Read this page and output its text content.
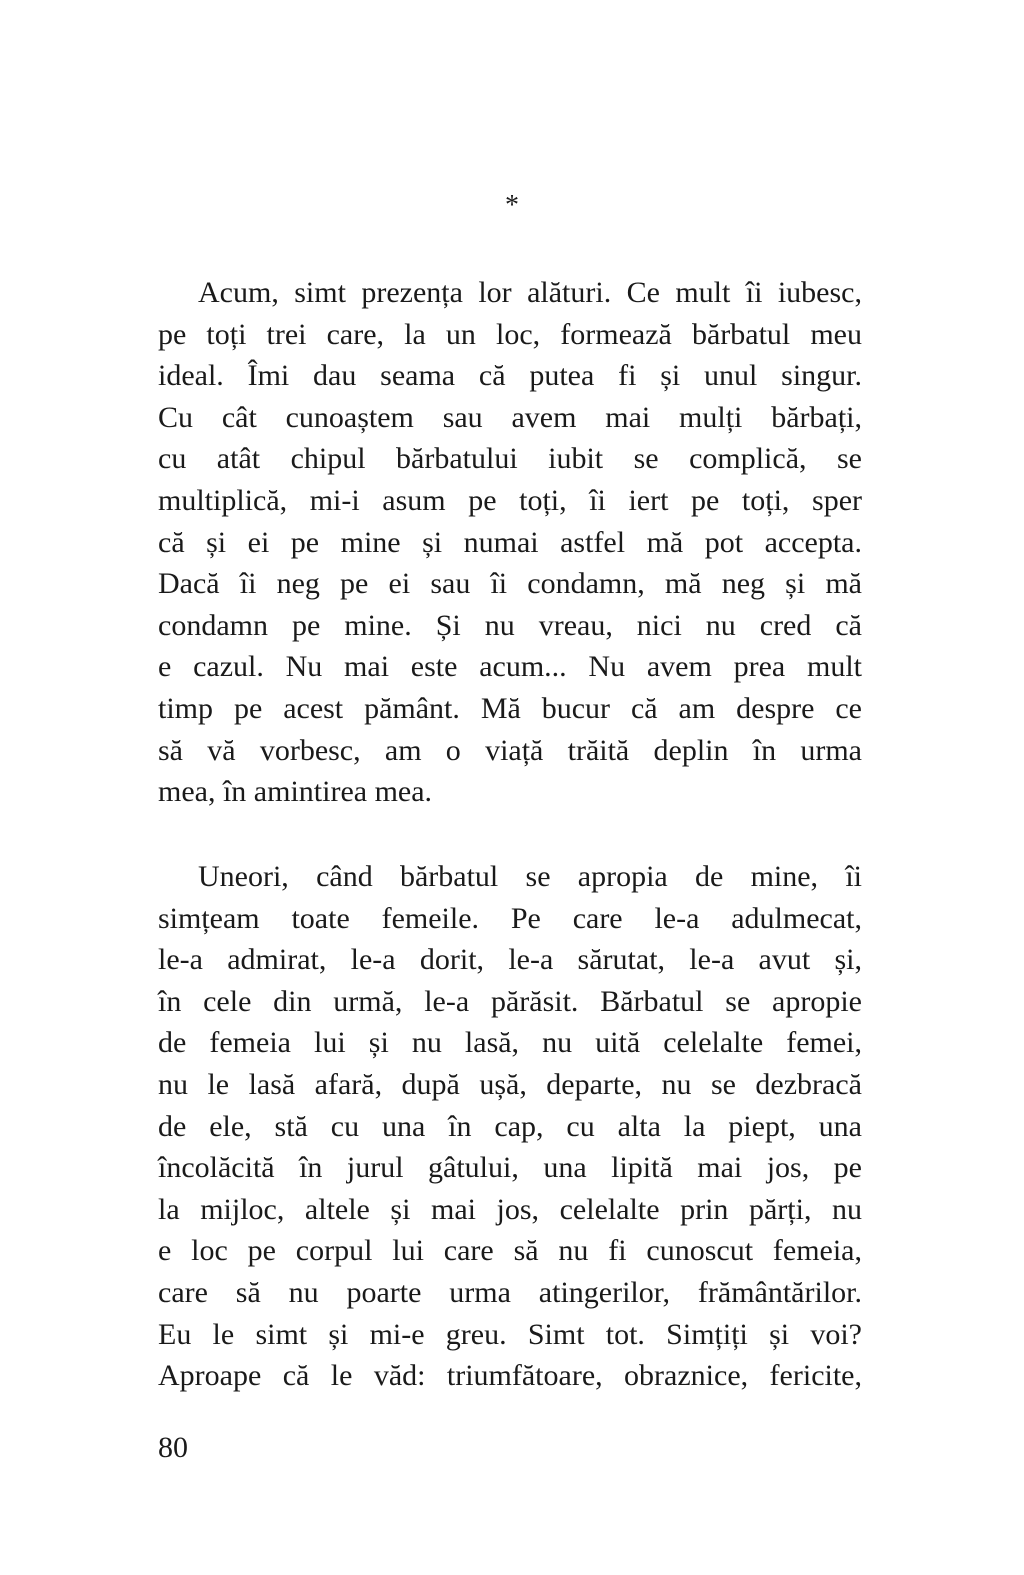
*
Acum, simt prezența lor alături. Ce mult îi iubesc,
pe toți trei care, la un loc, formează bărbatul meu
ideal. Îmi dau seama că putea fi și unul singur.
Cu cât cunoaștem sau avem mai mulți bărbați,
cu atât chipul bărbatului iubit se complică, se
multiplică, mi-i asum pe toți, îi iert pe toți, sper
că și ei pe mine și numai astfel mă pot accepta.
Dacă îi neg pe ei sau îi condamn, mă neg și mă
condamn pe mine. Și nu vreau, nici nu cred că
e cazul. Nu mai este acum... Nu avem prea mult
timp pe acest pământ. Mă bucur că am despre ce
să vă vorbesc, am o viață trăită deplin în urma
mea, în amintirea mea.
Uneori, când bărbatul se apropia de mine, îi
simțeam toate femeile. Pe care le-a adulmecat,
le-a admirat, le-a dorit, le-a sărutat, le-a avut și,
în cele din urmă, le-a părăsit. Bărbatul se apropie
de femeia lui și nu lasă, nu uită celelalte femei,
nu le lasă afară, după ușă, departe, nu se dezbracă
de ele, stă cu una în cap, cu alta la piept, una
încolăcită în jurul gâtului, una lipită mai jos, pe
la mijloc, altele și mai jos, celelalte prin părți, nu
e loc pe corpul lui care să nu fi cunoscut femeia,
care să nu poarte urma atingerilor, frământărilor.
Eu le simt și mi-e greu. Simt tot. Simțiți și voi?
Aproape că le văd: triumfătoare, obraznice, fericite,
80
